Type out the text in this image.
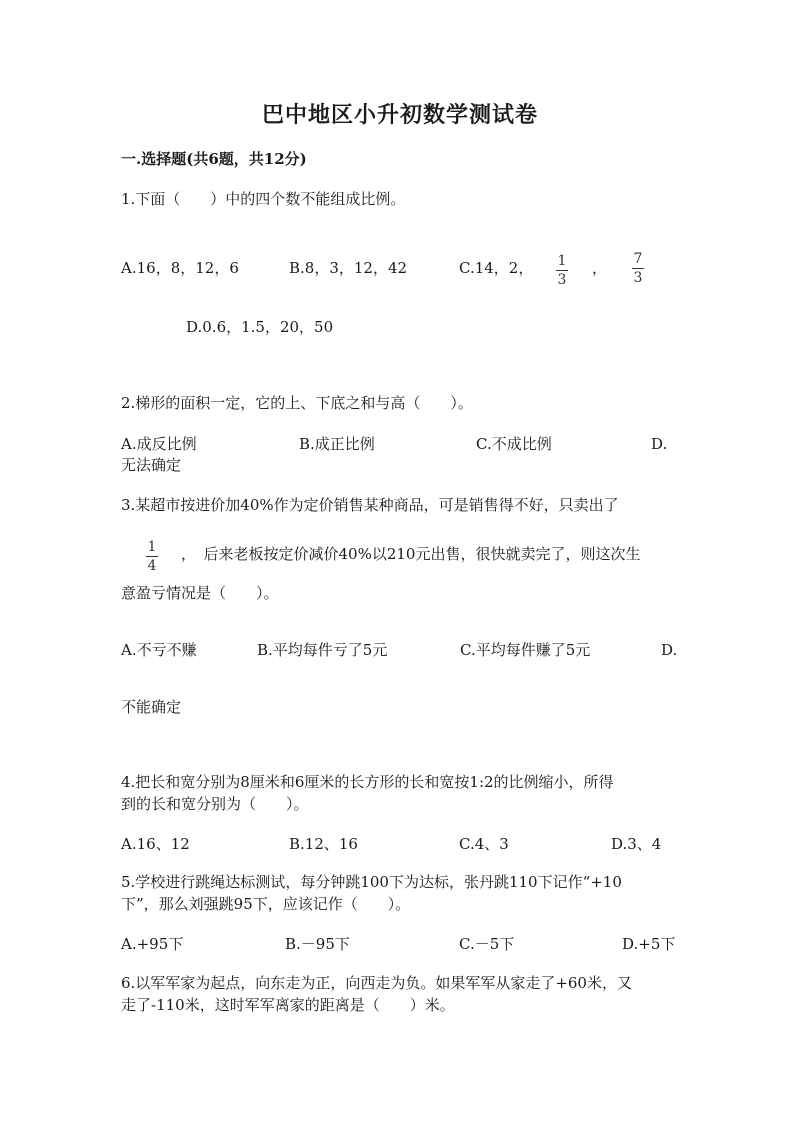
巴中地区小升初数学测试卷
一.选择题(共6题，共12分)
1.下面（　　）中的四个数不能组成比例。
A.16，8，12，6	B.8，3，12，42	C.14，2， 1
3
， 7
3
D.0.6，1.5，20，50
2.梯形的面积一定，它的上、下底之和与高（　　）。
A.成反比例	B.成正比例	C.不成比例	D.
无法确定
3.某超市按进价加40%作为定价销售某种商品，可是销售得不好，只卖出了
1
4
，　后来老板按定价减价40%以210元出售，很快就卖完了，则这次生
意盈亏情况是（　　）。
A.不亏不赚	B.平均每件亏了5元	C.平均每件赚了5元	D.
不能确定
4.把长和宽分别为8厘米和6厘米的长方形的长和宽按1:2的比例缩小，所得
到的长和宽分别为（　　）。
A.16、12	B.12、16	C.4、3	D.3、4
5.学校进行跳绳达标测试，每分钟跳100下为达标，张丹跳110下记作“+10
下”，那么刘强跳95下，应该记作（　　）。
A.+95下	B.－95下	C.－5下	D.+5下
6.以军军家为起点，向东走为正，向西走为负。如果军军从家走了+60米，又
走了-110米，这时军军离家的距离是（　　）米。
